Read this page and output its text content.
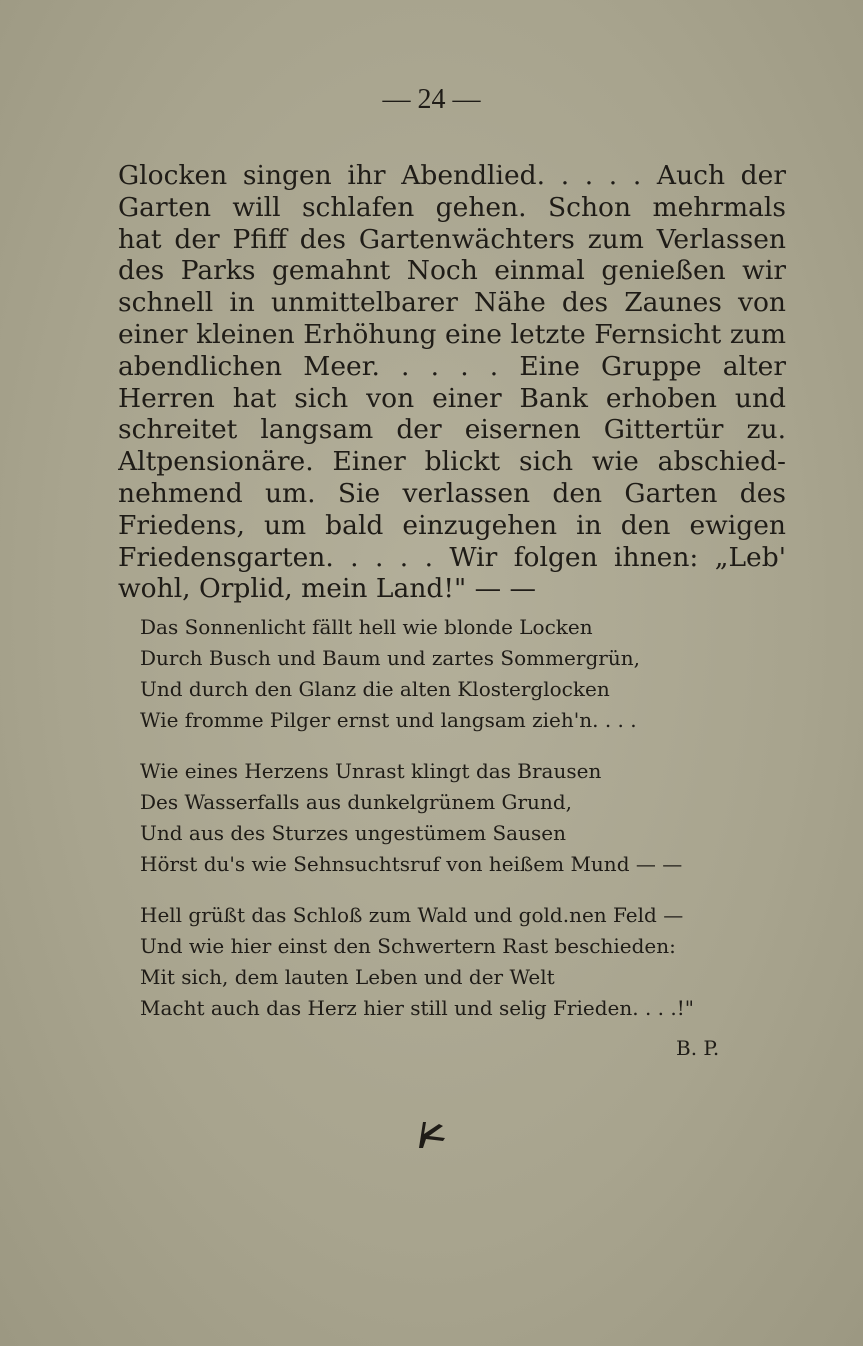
— 24 —
Glocken singen ihr Abendlied. . . . . Auch der
Garten will schlafen gehen. Schon mehrmals
hat der Pfiff des Gartenwächters zum Verlassen
des Parks gemahnt Noch einmal genießen wir
schnell in unmittelbarer Nähe des Zaunes von
einer kleinen Erhöhung eine letzte Fernsicht zum
abendlichen Meer. . . . . Eine Gruppe alter
Herren hat sich von einer Bank erhoben und
schreitet langsam der eisernen Gittertür zu.
Altpensionäre. Einer blickt sich wie abschied-
nehmend um. Sie verlassen den Garten des
Friedens, um bald einzugehen in den ewigen
Friedensgarten. . . . . Wir folgen ihnen: „Leb'
wohl, Orplid, mein Land!" — —
Das Sonnenlicht fällt hell wie blonde Locken
Durch Busch und Baum und zartes Sommergrün,
Und durch den Glanz die alten Klosterglocken
Wie fromme Pilger ernst und langsam zieh'n. . . .
Wie eines Herzens Unrast klingt das Brausen
Des Wasserfalls aus dunkelgrünem Grund,
Und aus des Sturzes ungestümem Sausen
Hörst du's wie Sehnsuchtsruf von heißem Mund — —
Hell grüßt das Schloß zum Wald und gold.nen Feld —
Und wie hier einst den Schwertern Rast beschieden:
Mit sich, dem lauten Leben und der Welt
Macht auch das Herz hier still und selig Frieden. . . .!"
B. P.
